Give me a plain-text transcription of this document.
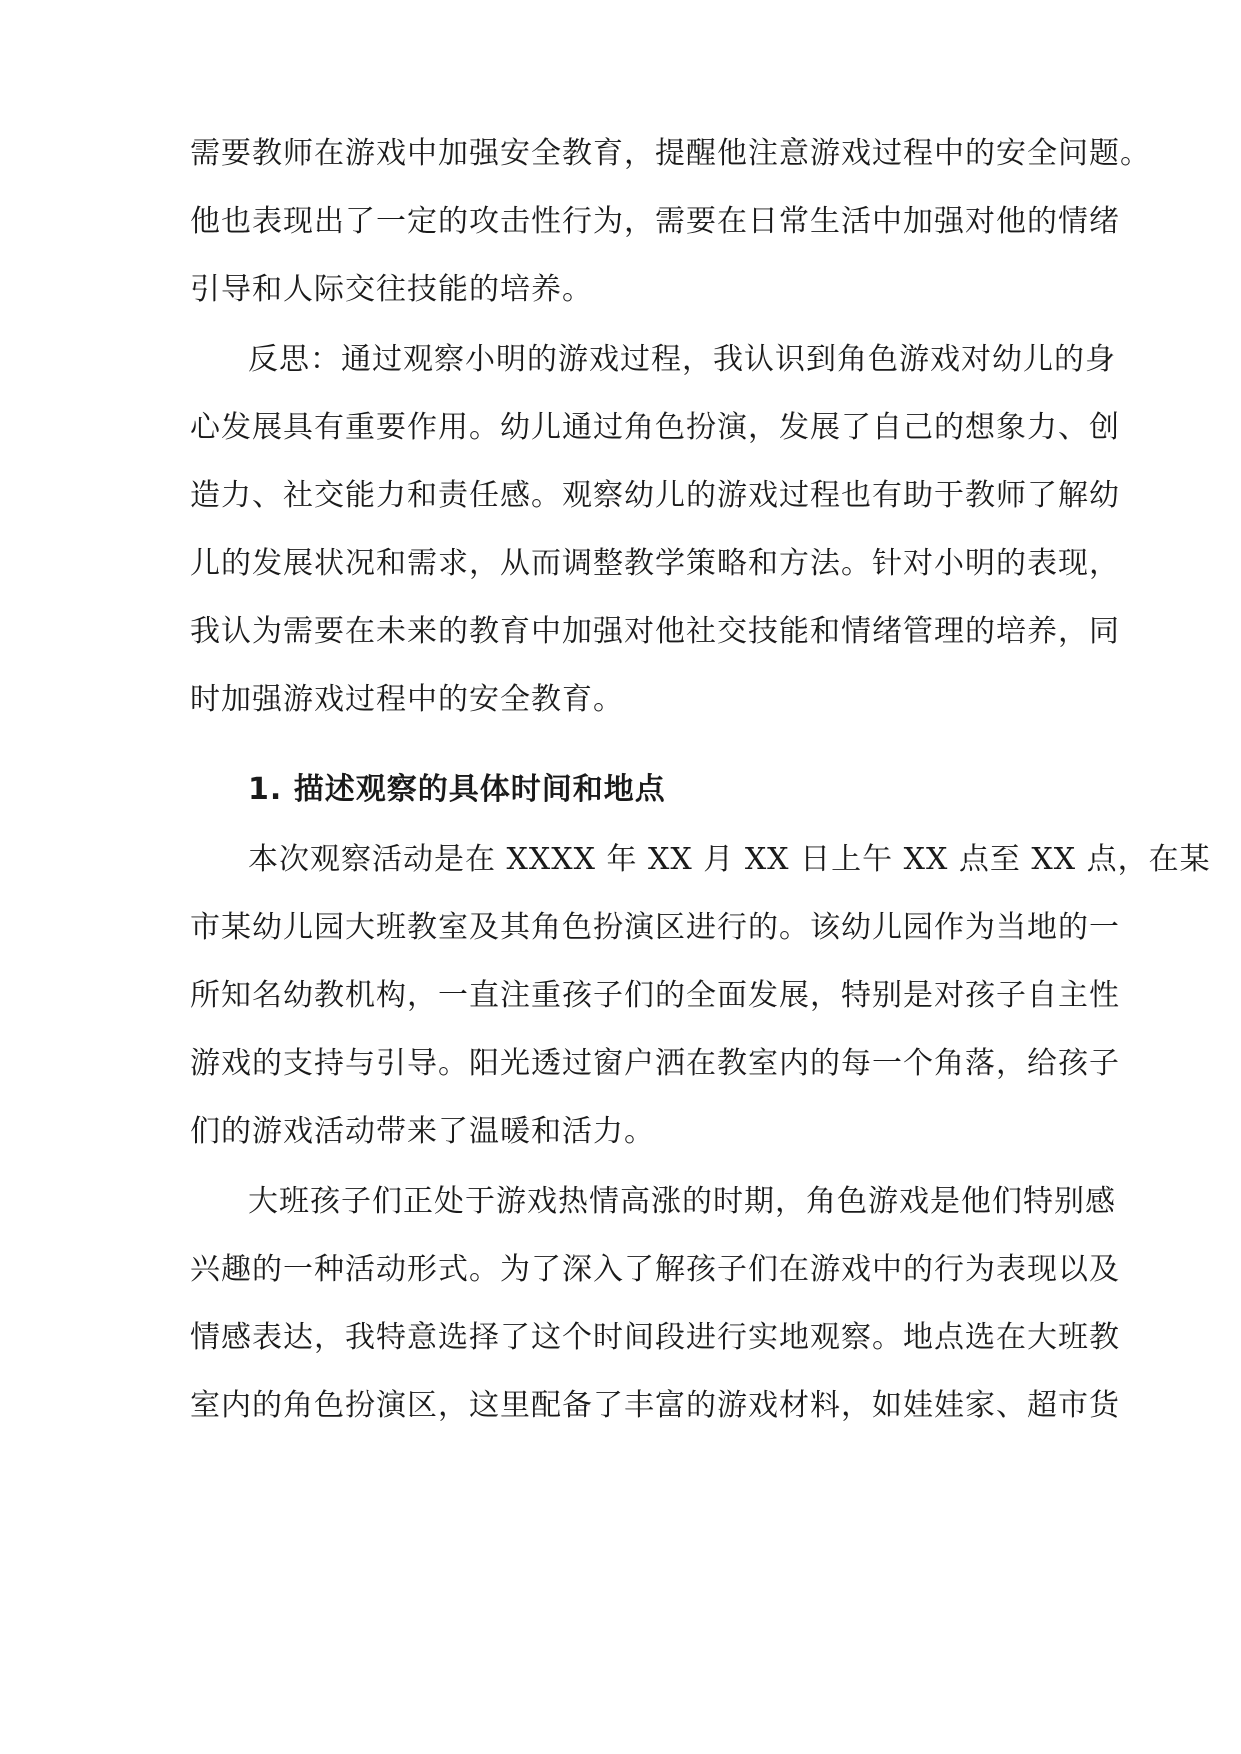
需要教师在游戏中加强安全教育，提醒他注意游戏过程中的安全问题。
他也表现出了一定的攻击性行为，需要在日常生活中加强对他的情绪
引导和人际交往技能的培养。
反思：通过观察小明的游戏过程，我认识到角色游戏对幼儿的身
心发展具有重要作用。幼儿通过角色扮演，发展了自己的想象力、创
造力、社交能力和责任感。观察幼儿的游戏过程也有助于教师了解幼
儿的发展状况和需求，从而调整教学策略和方法。针对小明的表现，
我认为需要在未来的教育中加强对他社交技能和情绪管理的培养，同
时加强游戏过程中的安全教育。
1. 描述观察的具体时间和地点
本次观察活动是在 XXXX 年 XX 月 XX 日上午 XX 点至 XX 点，在某
市某幼儿园大班教室及其角色扮演区进行的。该幼儿园作为当地的一
所知名幼教机构，一直注重孩子们的全面发展，特别是对孩子自主性
游戏的支持与引导。阳光透过窗户洒在教室内的每一个角落，给孩子
们的游戏活动带来了温暖和活力。
大班孩子们正处于游戏热情高涨的时期，角色游戏是他们特别感
兴趣的一种活动形式。为了深入了解孩子们在游戏中的行为表现以及
情感表达，我特意选择了这个时间段进行实地观察。地点选在大班教
室内的角色扮演区，这里配备了丰富的游戏材料，如娃娃家、超市货
